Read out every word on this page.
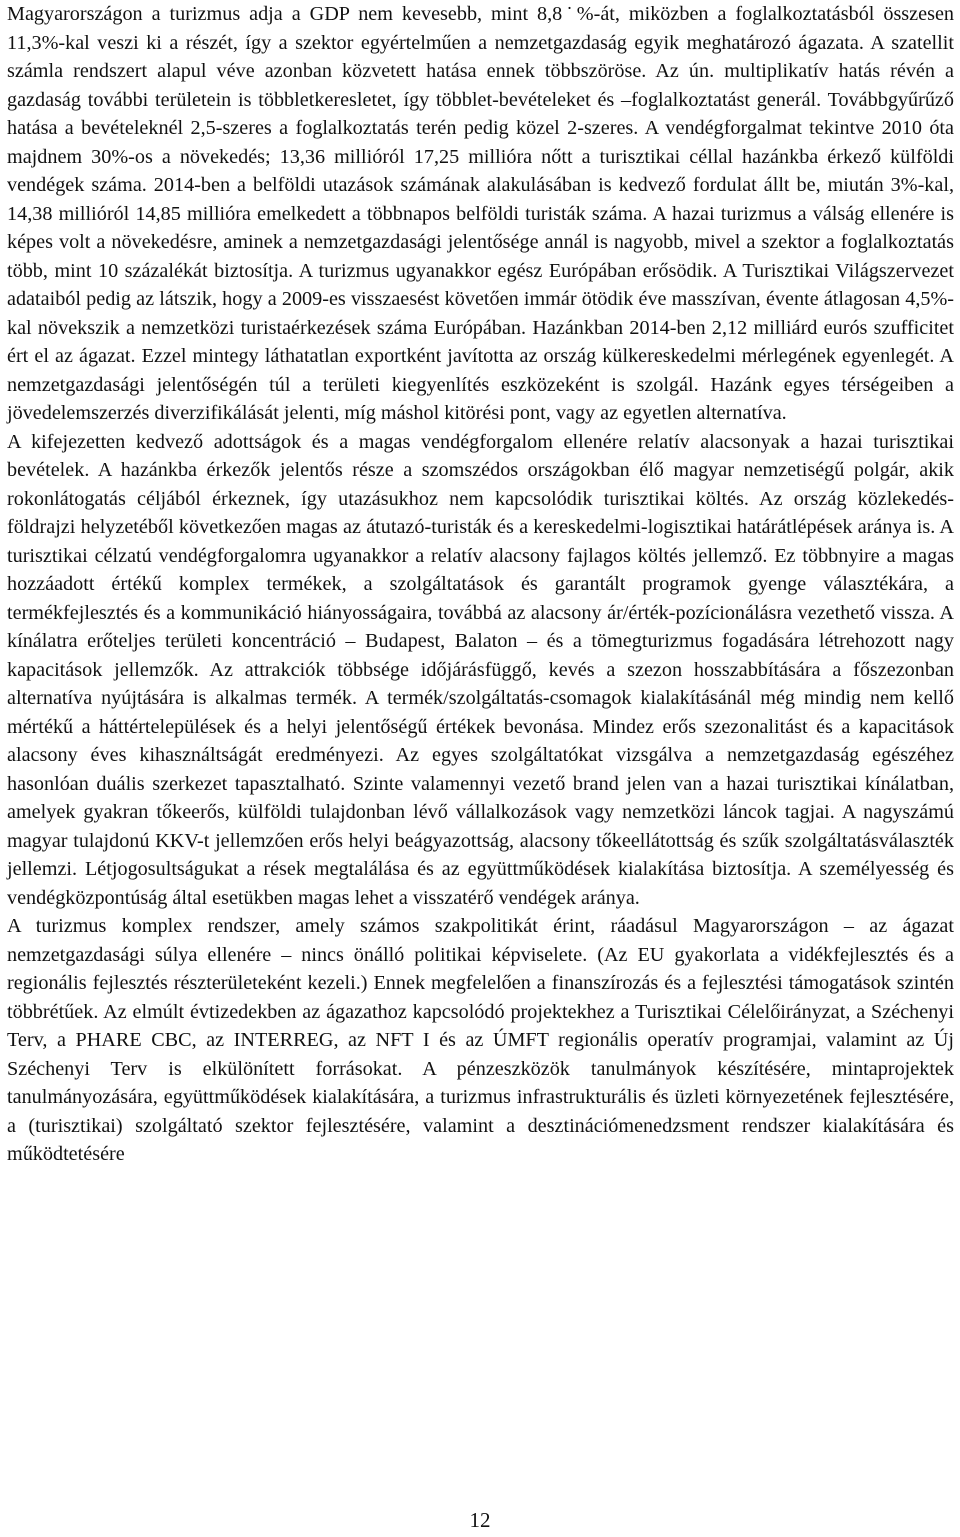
Magyarországon a turizmus adja a GDP nem kevesebb, mint 8,8˙%-át, miközben a foglalkoztatásból összesen 11,3%-kal veszi ki a részét, így a szektor egyértelműen a nemzetgazdaság egyik meghatározó ágazata. A szatellit számla rendszert alapul véve azonban közvetett hatása ennek többszöröse. Az ún. multiplikatív hatás révén a gazdaság további területein is többletkeresletet, így többlet-bevételeket és –foglalkoztatást generál. Továbbgyűrűző hatása a bevételeknél 2,5-szeres a foglalkoztatás terén pedig közel 2-szeres. A vendégforgalmat tekintve 2010 óta majdnem 30%-os a növekedés; 13,36 millióról 17,25 millióra nőtt a turisztikai céllal hazánkba érkező külföldi vendégek száma. 2014-ben a belföldi utazások számának alakulásában is kedvező fordulat állt be, miután 3%-kal, 14,38 millióról 14,85 millióra emelkedett a többnapos belföldi turisták száma. A hazai turizmus a válság ellenére is képes volt a növekedésre, aminek a nemzetgazdasági jelentősége annál is nagyobb, mivel a szektor a foglalkoztatás több, mint 10 százalékát biztosítja. A turizmus ugyanakkor egész Európában erősödik. A Turisztikai Világszervezet adataiból pedig az látszik, hogy a 2009-es visszaesést követően immár ötödik éve masszívan, évente átlagosan 4,5%-kal növekszik a nemzetközi turistaérkezések száma Európában. Hazánkban 2014-ben 2,12 milliárd eurós szufficitet ért el az ágazat. Ezzel mintegy láthatatlan exportként javította az ország külkereskedelmi mérlegének egyenlegét. A nemzetgazdasági jelentőségén túl a területi kiegyenlítés eszközeként is szolgál. Hazánk egyes térségeiben a jövedelemszerzés diverzifikálását jelenti, míg máshol kitörési pont, vagy az egyetlen alternatíva.

A kifejezetten kedvező adottságok és a magas vendégforgalom ellenére relatív alacsonyak a hazai turisztikai bevételek. A hazánkba érkezők jelentős része a szomszédos országokban élő magyar nemzetiségű polgár, akik rokonlátogatás céljából érkeznek, így utazásukhoz nem kapcsolódik turisztikai költés. Az ország közlekedés-földrajzi helyzetéből következően magas az átutazó-turisták és a kereskedelmi-logisztikai határátlépések aránya is. A turisztikai célzatú vendégforgalomra ugyanakkor a relatív alacsony fajlagos költés jellemző. Ez többnyire a magas hozzáadott értékű komplex termékek, a szolgáltatások és garantált programok gyenge választékára, a termékfejlesztés és a kommunikáció hiányosságaira, továbbá az alacsony ár/érték-pozícionálásra vezethető vissza. A kínálatra erőteljes területi koncentráció – Budapest, Balaton – és a tömegturizmus fogadására létrehozott nagy kapacitások jellemzők. Az attrakciók többsége időjárásfüggő, kevés a szezon hosszabbítására a főszezonban alternatíva nyújtására is alkalmas termék. A termék/szolgáltatás-csomagok kialakításánál még mindig nem kellő mértékű a háttértelepülések és a helyi jelentőségű értékek bevonása. Mindez erős szezonalitást és a kapacitások alacsony éves kihasználtságát eredményezi. Az egyes szolgáltatókat vizsgálva a nemzetgazdaság egészéhez hasonlóan duális szerkezet tapasztalható. Szinte valamennyi vezető brand jelen van a hazai turisztikai kínálatban, amelyek gyakran tőkeerős, külföldi tulajdonban lévő vállalkozások vagy nemzetközi láncok tagjai. A nagyszámú magyar tulajdonú KKV-t jellemzően erős helyi beágyazottság, alacsony tőkeellátottság és szűk szolgáltatásválaszték jellemzi. Létjogosultságukat a rések megtalálása és az együttműködések kialakítása biztosítja. A személyesség és vendégközpontúság által esetükben magas lehet a visszatérő vendégek aránya.

A turizmus komplex rendszer, amely számos szakpolitikát érint, ráadásul Magyarországon – az ágazat nemzetgazdasági súlya ellenére – nincs önálló politikai képviselete. (Az EU gyakorlata a vidékfejlesztés és a regionális fejlesztés részterületeként kezeli.) Ennek megfelelően a finanszírozás és a fejlesztési támogatások szintén többrétűek. Az elmúlt évtizedekben az ágazathoz kapcsolódó projektekhez a Turisztikai Célelőirányzat, a Széchenyi Terv, a PHARE CBC, az INTERREG, az NFT I és az ÚMFT regionális operatív programjai, valamint az Új Széchenyi Terv is elkülönített forrásokat. A pénzeszközök tanulmányok készítésére, mintaprojektek tanulmányozására, együttműködések kialakítására, a turizmus infrastrukturális és üzleti környezetének fejlesztésére, a (turisztikai) szolgáltató szektor fejlesztésére, valamint a desztinációmenedzsment rendszer kialakítására és működtetésére

12
